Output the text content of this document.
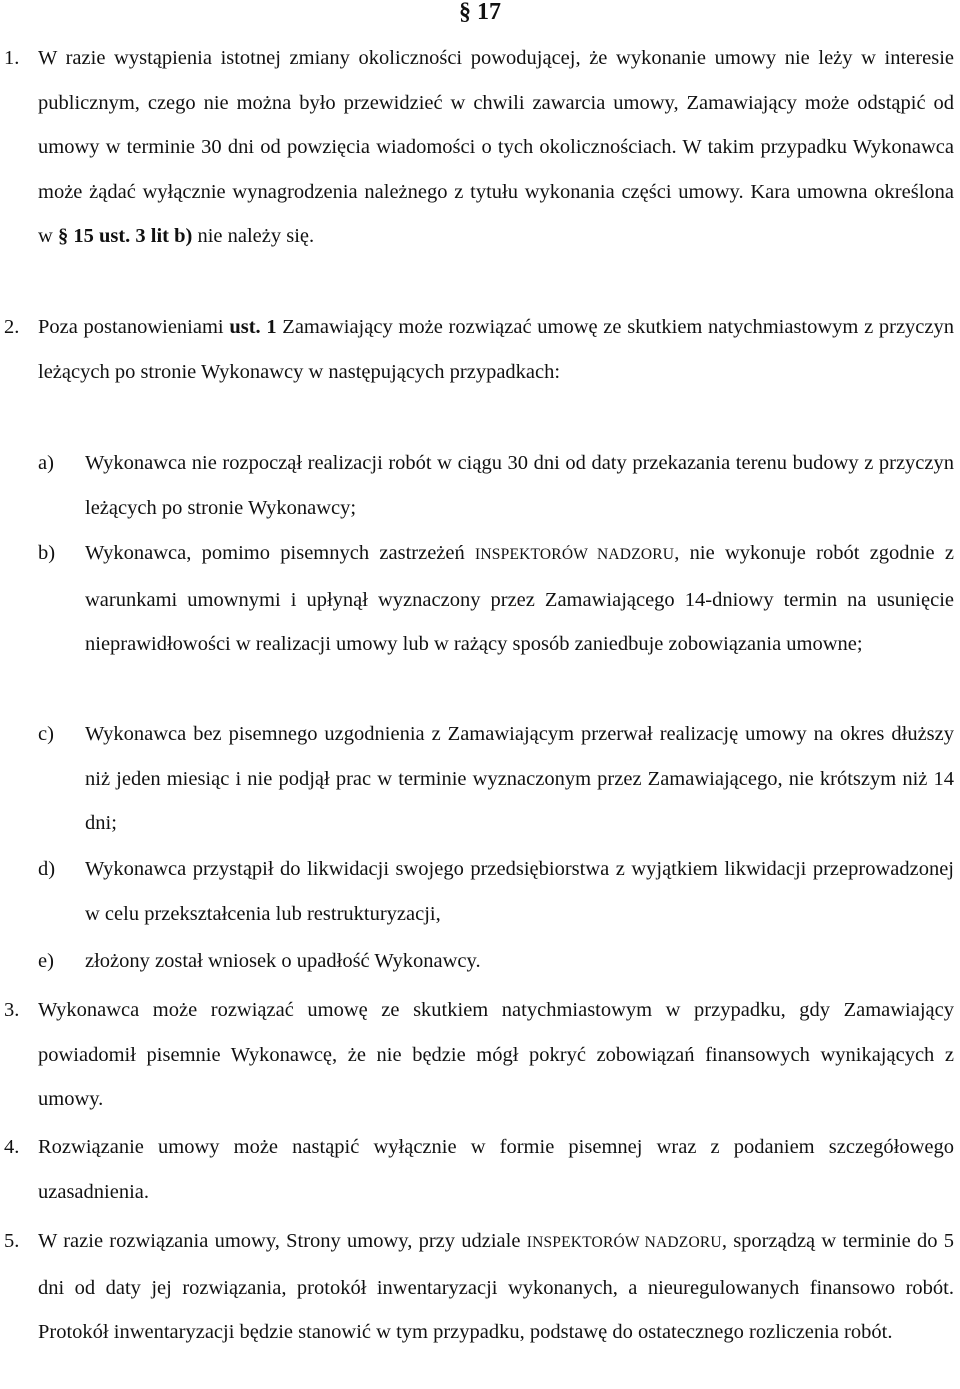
§ 17
1. W razie wystąpienia istotnej zmiany okoliczności powodującej, że wykonanie umowy nie leży w interesie publicznym, czego nie można było przewidzieć w chwili zawarcia umowy, Zamawiający może odstąpić od umowy w terminie 30 dni od powzięcia wiadomości o tych okolicznościach. W takim przypadku Wykonawca może żądać wyłącznie wynagrodzenia należnego z tytułu wykonania części umowy. Kara umowna określona w § 15 ust. 3 lit b) nie należy się.
2. Poza postanowieniami ust. 1 Zamawiający może rozwiązać umowę ze skutkiem natychmiastowym z przyczyn leżących po stronie Wykonawcy w następujących przypadkach:
a)	Wykonawca nie rozpoczął realizacji robót w ciągu 30 dni od daty przekazania terenu budowy z przyczyn leżących po stronie Wykonawcy;
b)	Wykonawca, pomimo pisemnych zastrzeżeń INSPEKTORÓW NADZORU, nie wykonuje robót zgodnie z warunkami umownymi i upłynął wyznaczony przez Zamawiającego 14-dniowy termin na usunięcie nieprawidłowości w realizacji umowy lub w rażący sposób zaniedbuje zobowiązania umowne;
c)	Wykonawca bez pisemnego uzgodnienia z Zamawiającym przerwał realizację umowy na okres dłuższy niż jeden miesiąc i nie podjął prac w terminie wyznaczonym przez Zamawiającego, nie krótszym niż 14 dni;
d)	Wykonawca przystąpił do likwidacji swojego przedsiębiorstwa z wyjątkiem likwidacji przeprowadzonej w celu przekształcenia lub restrukturyzacji,
e)	złożony został wniosek o upadłość Wykonawcy.
3. Wykonawca może rozwiązać umowę ze skutkiem natychmiastowym w przypadku, gdy Zamawiający powiadomił pisemnie Wykonawcę, że nie będzie mógł pokryć zobowiązań finansowych wynikających z umowy.
4. Rozwiązanie umowy może nastąpić wyłącznie w formie pisemnej wraz z podaniem szczegółowego uzasadnienia.
5. W razie rozwiązania umowy, Strony umowy, przy udziale INSPEKTORÓW NADZORU, sporządzą w terminie do 5 dni od daty jej rozwiązania, protokół inwentaryzacji wykonanych, a nieuregulowanych finansowo robót. Protokół inwentaryzacji będzie stanowić w tym przypadku, podstawę do ostatecznego rozliczenia robót.
